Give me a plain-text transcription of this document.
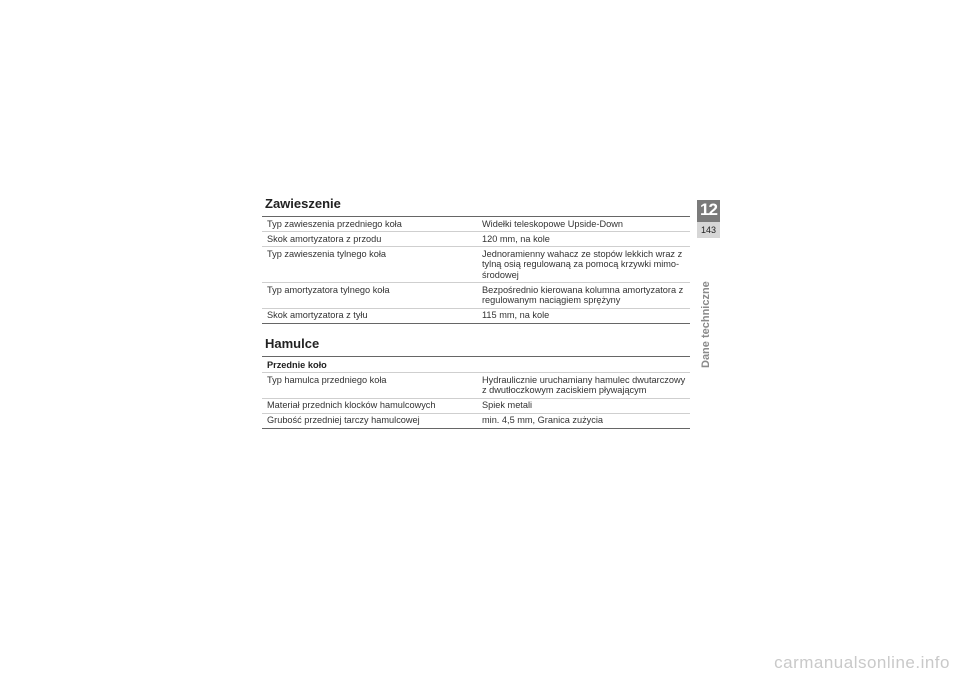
Zawieszenie
Typ zawieszenia przedniego koła	Widełki teleskopowe Upside-Down
Skok amortyzatora z przodu	120 mm, na kole
Typ zawieszenia tylnego koła	Jednoramienny wahacz ze stopów lekkich wraz z tylną osią regulowaną za pomocą krzywki mimo-środowej
Typ amortyzatora tylnego koła	Bezpośrednio kierowana kolumna amortyzatora z regulowanym naciągiem sprężyny
Skok amortyzatora z tyłu	115 mm, na kole
Hamulce
Przednie koło	
Typ hamulca przedniego koła	Hydraulicznie uruchamiany hamulec dwutarczowy z dwutłoczkowym zaciskiem pływającym
Materiał przednich klocków hamulcowych	Spiek metali
Grubość przedniej tarczy hamulcowej	min. 4,5 mm, Granica zużycia
12
143
Dane techniczne
carmanualsonline.info
